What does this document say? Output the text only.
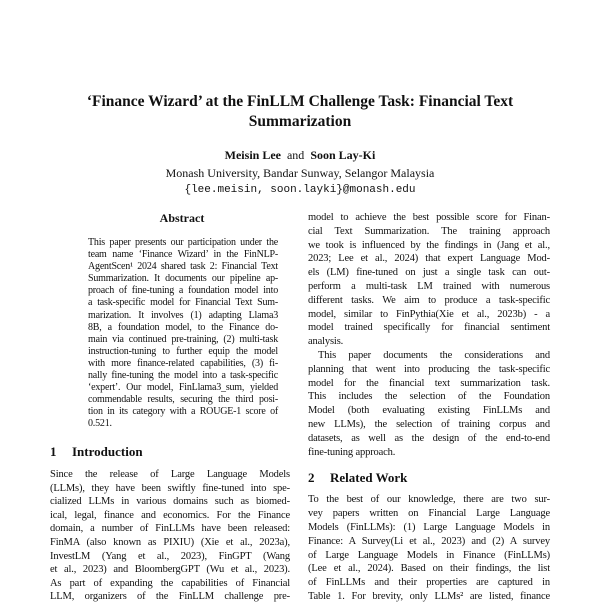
‘Finance Wizard’ at the FinLLM Challenge Task: Financial Text
Summarization
Meisin Lee and Soon Lay-Ki
Monash University, Bandar Sunway, Selangor Malaysia
{lee.meisin, soon.layki}@monash.edu
Abstract
This paper presents our participation under the
team name ‘Finance Wizard’ in the FinNLP-
AgentScen¹ 2024 shared task 2: Financial Text
Summarization. It documents our pipeline ap-
proach of fine-tuning a foundation model into
a task-specific model for Financial Text Sum-
marization. It involves (1) adapting Llama3
8B, a foundation model, to the Finance do-
main via continued pre-training, (2) multi-task
instruction-tuning to further equip the model
with more finance-related capabilities, (3) fi-
nally fine-tuning the model into a task-specific
‘expert’. Our model, FinLlama3_sum, yielded
commendable results, securing the third posi-
tion in its category with a ROUGE-1 score of
0.521.
1 Introduction
Since the release of Large Language Models
(LLMs), they have been swiftly fine-tuned into spe-
cialized LLMs in various domains such as biomed-
ical, legal, finance and economics. For the Finance
domain, a number of FinLLMs have been released:
FinMA (also known as PIXIU) (Xie et al., 2023a),
InvestLM (Yang et al., 2023), FinGPT (Wang
et al., 2023) and BloombergGPT (Wu et al., 2023).
As part of expanding the capabilities of Financial
LLM, organizers of the FinLLM challenge pre-
model to achieve the best possible score for Finan-
cial Text Summarization. The training approach
we took is influenced by the findings in (Jang et al.,
2023; Lee et al., 2024) that expert Language Mod-
els (LM) fine-tuned on just a single task can out-
perform a multi-task LM trained with numerous
different tasks. We aim to produce a task-specific
model, similar to FinPythia(Xie et al., 2023b) - a
model trained specifically for financial sentiment
analysis.
This paper documents the considerations and
planning that went into producing the task-specific
model for the financial text summarization task.
This includes the selection of the Foundation
Model (both evaluating existing FinLLMs and
new LLMs), the selection of training corpus and
datasets, as well as the design of the end-to-end
fine-tuning approach.
2 Related Work
To the best of our knowledge, there are two sur-
vey papers written on Financial Large Language
Models (FinLLMs): (1) Large Language Models in
Finance: A Survey(Li et al., 2023) and (2) A survey
of Large Language Models in Finance (FinLLMs)
(Lee et al., 2024). Based on their findings, the list
of FinLLMs and their properties are captured in
Table 1. For brevity, only LLMs² are listed, finance
